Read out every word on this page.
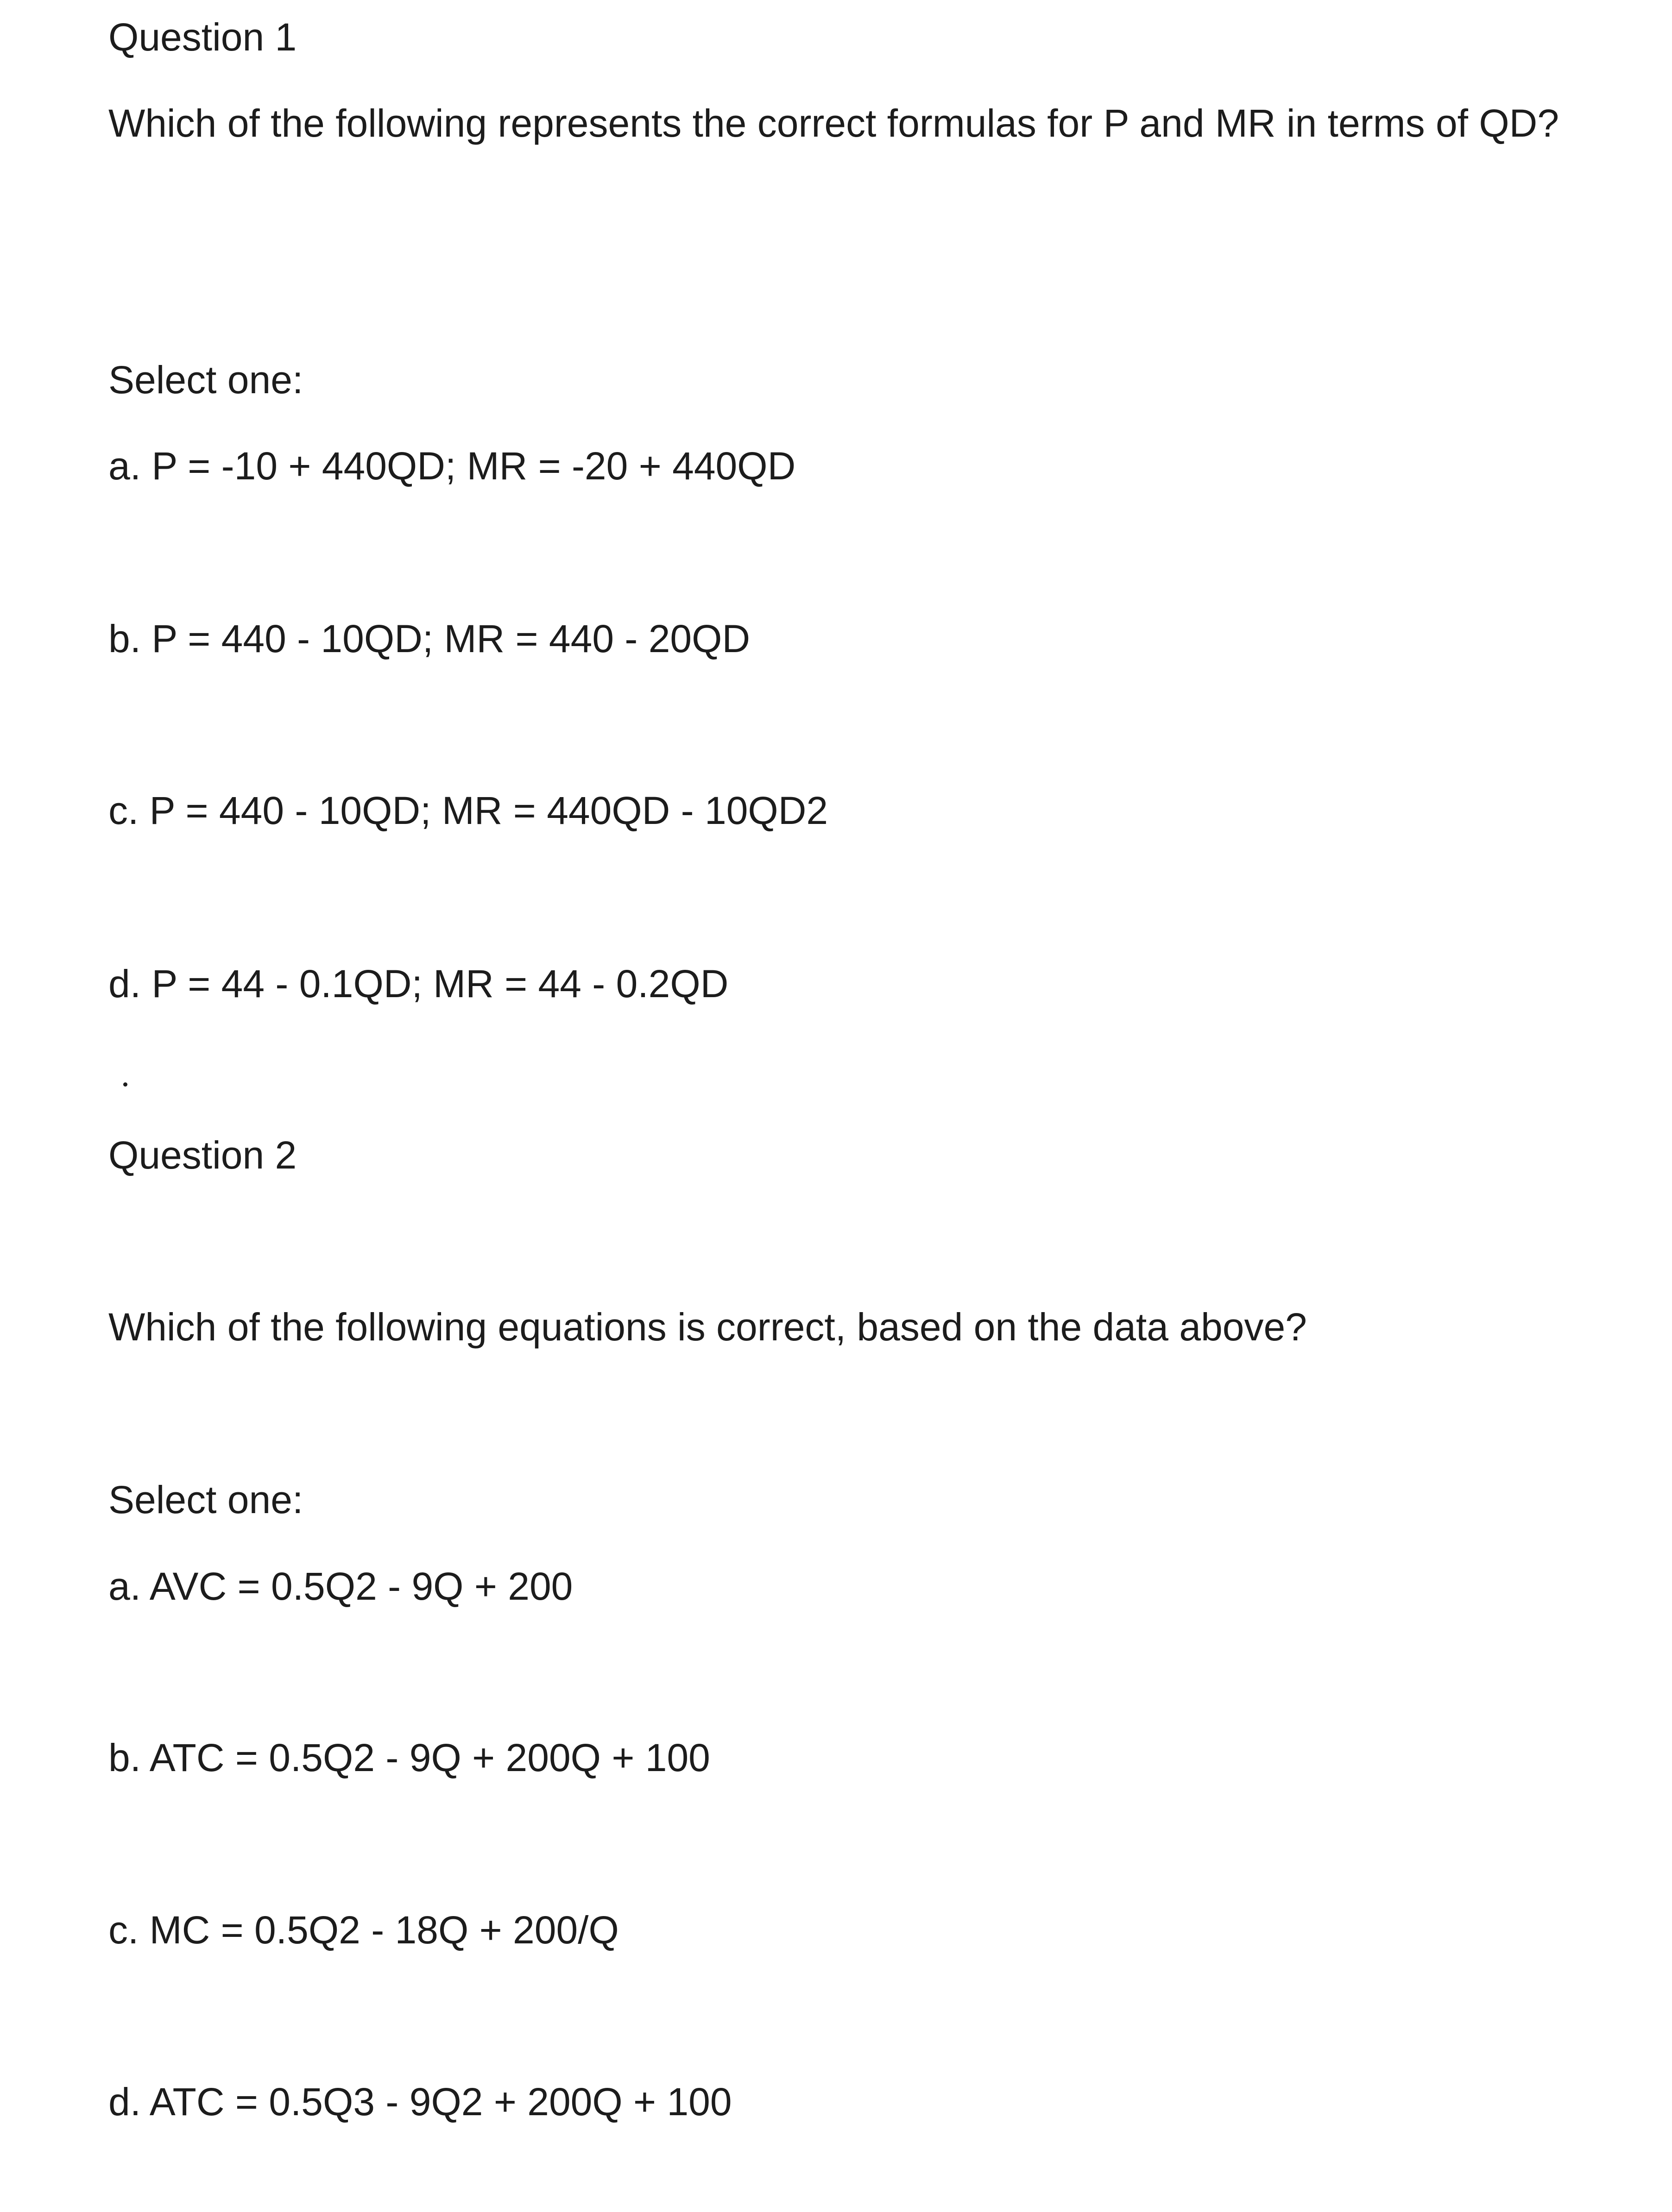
Question 1

Which of the following represents the correct formulas for P and MR in terms of QD?

Select one:

a. P = -10 + 440QD; MR = -20 + 440QD

b. P = 440 - 10QD; MR = 440 - 20QD

c. P = 440 - 10QD; MR = 440QD - 10QD2

d. P = 44 - 0.1QD; MR = 44 - 0.2QD

Question 2

Which of the following equations is correct, based on the data above?

Select one:

a. AVC = 0.5Q2 - 9Q + 200

b. ATC = 0.5Q2 - 9Q + 200Q + 100

c. MC = 0.5Q2 - 18Q + 200/Q

d. ATC = 0.5Q3 - 9Q2 + 200Q + 100
